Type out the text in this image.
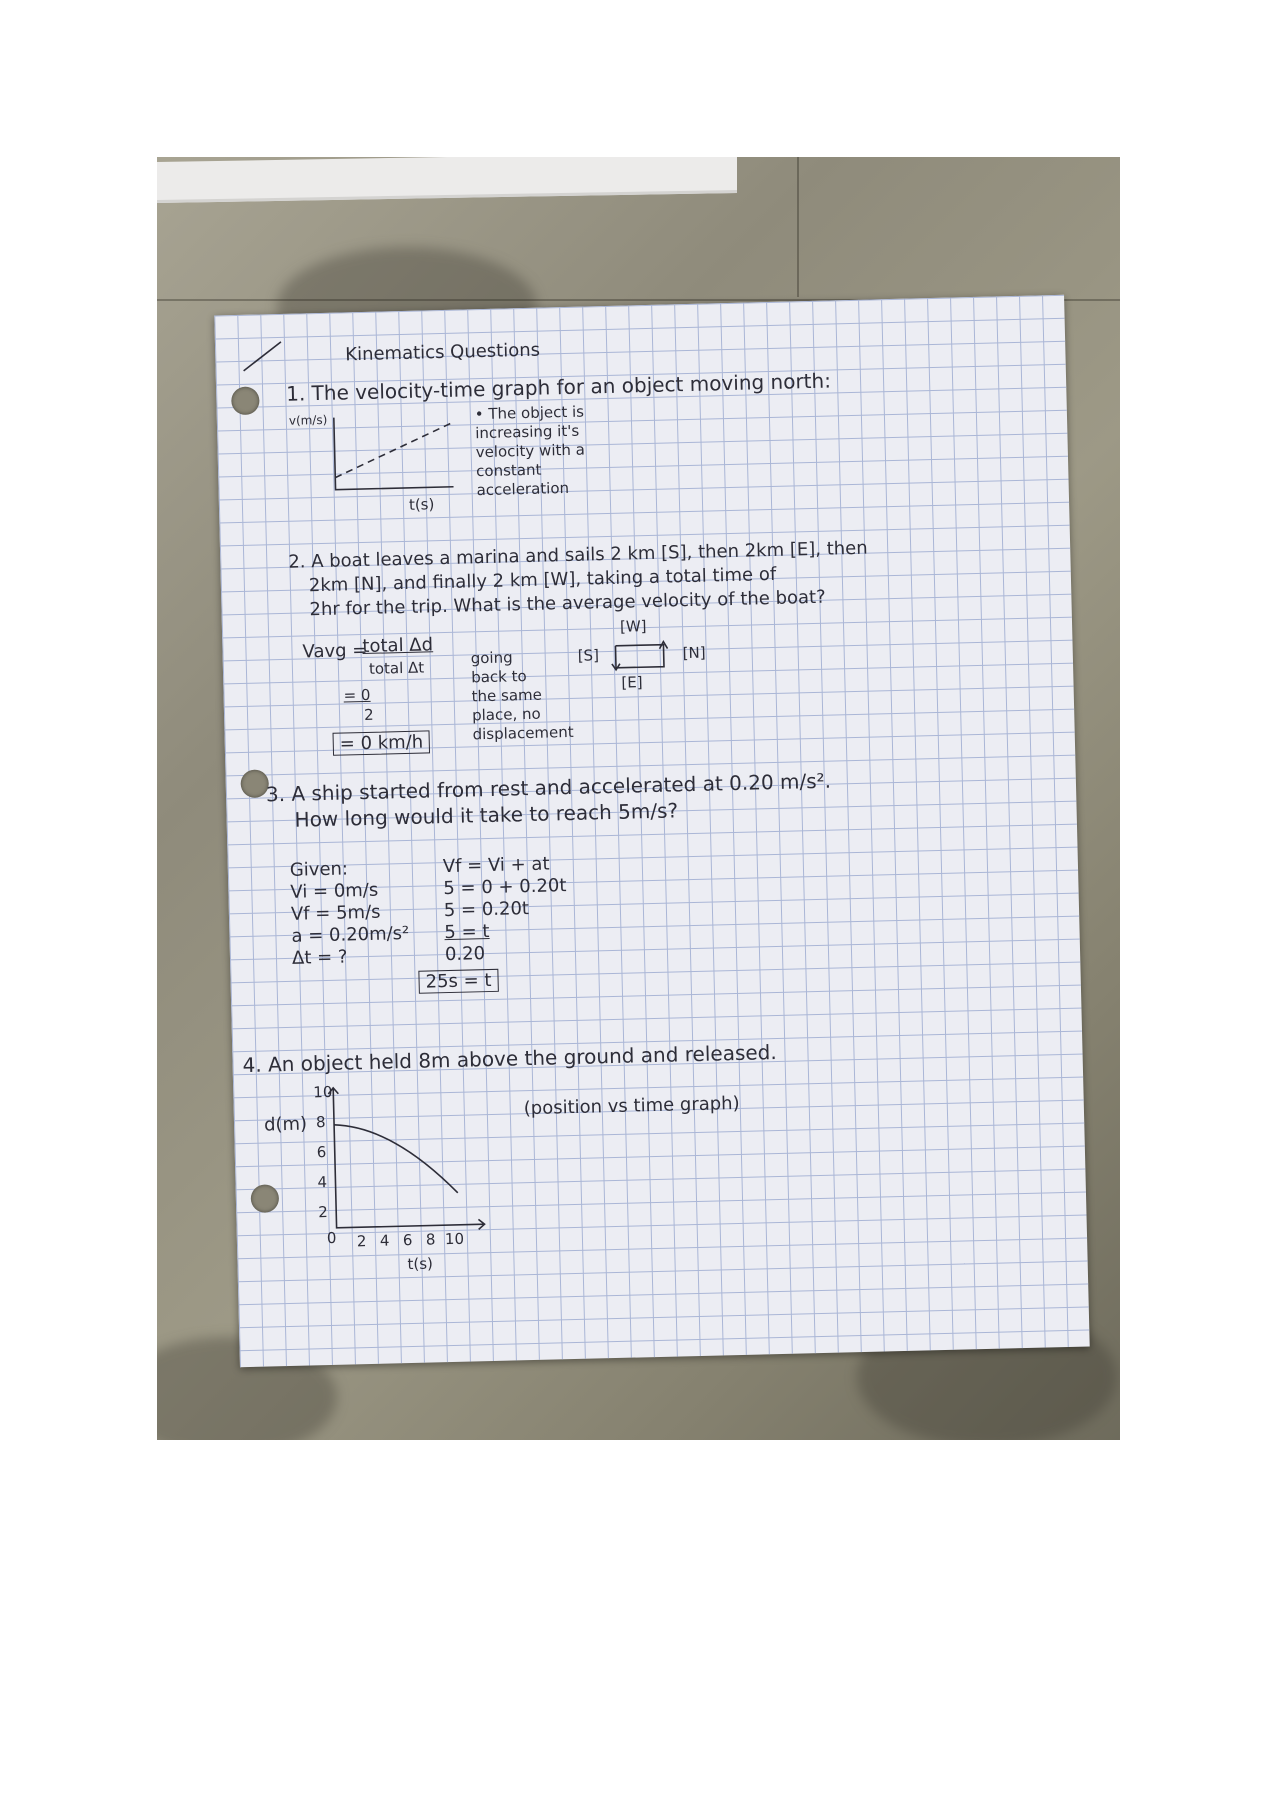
Kinematics Questions
1. The velocity-time graph for an object moving north:
v(m/s)
t(s)
• The object is
increasing it's
velocity with a
constant
acceleration
2. A boat leaves a marina and sails 2 km [S], then 2km [E], then
2km [N], and finally 2 km [W], taking a total time of
2hr for the trip. What is the average velocity of the boat?
Vavg =
total Δd
total Δt
= 0
2
= 0 km/h
going
back to
the same
place, no
displacement
[W]
[S]	[N]
[E]
3. A ship started from rest and accelerated at 0.20 m/s².
How long would it take to reach 5m/s?
Given:
Vi = 0m/s
Vf = 5m/s
a = 0.20m/s²
Δt = ?
Vf = Vi + at
5 = 0 + 0.20t
5 = 0.20t
5 = t
0.20
25s = t
4. An object held 8m above the ground and released.
(position vs time graph)
d(m)
10
8
6
4
2
0 2 4 6 8 10
t(s)
